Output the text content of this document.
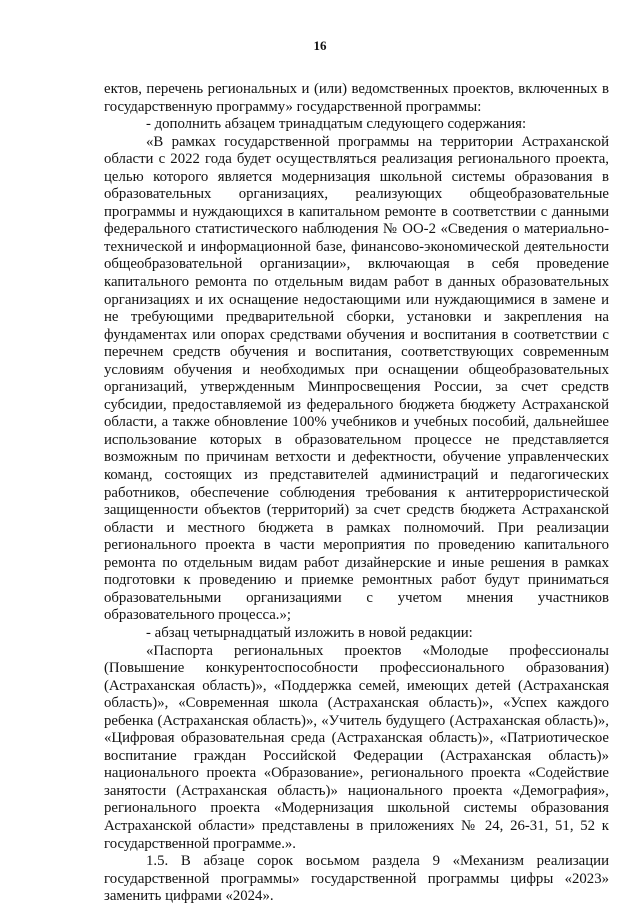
16

ектов, перечень региональных и (или) ведомственных проектов, включенных в государственную программу» государственной программы:

- дополнить абзацем тринадцатым следующего содержания:

«В рамках государственной программы на территории Астраханской области с 2022 года будет осуществляться реализация регионального проекта, целью которого является модернизация школьной системы образования в образовательных организациях, реализующих общеобразовательные программы и нуждающихся в капитальном ремонте в соответствии с данными федерального статистического наблюдения № ОО-2 «Сведения о материально-технической и информационной базе, финансово-экономической деятельности общеобразовательной организации», включающая в себя проведение капитального ремонта по отдельным видам работ в данных образовательных организациях и их оснащение недостающими или нуждающимися в замене и не требующими предварительной сборки, установки и закрепления на фундаментах или опорах средствами обучения и воспитания в соответствии с перечнем средств обучения и воспитания, соответствующих современным условиям обучения и необходимых при оснащении общеобразовательных организаций, утвержденным Минпросвещения России, за счет средств субсидии, предоставляемой из федерального бюджета бюджету Астраханской области, а также обновление 100% учебников и учебных пособий, дальнейшее использование которых в образовательном процессе не представляется возможным по причинам ветхости и дефектности, обучение управленческих команд, состоящих из представителей администраций и педагогических работников, обеспечение соблюдения требования к антитеррористической защищенности объектов (территорий) за счет средств бюджета Астраханской области и местного бюджета в рамках полномочий. При реализации регионального проекта в части мероприятия по проведению капитального ремонта по отдельным видам работ дизайнерские и иные решения в рамках подготовки к проведению и приемке ремонтных работ будут приниматься образовательными организациями с учетом мнения участников образовательного процесса.»;

- абзац четырнадцатый изложить в новой редакции:

«Паспорта региональных проектов «Молодые профессионалы (Повышение конкурентоспособности профессионального образования) (Астраханская область)», «Поддержка семей, имеющих детей (Астраханская область)», «Современная школа (Астраханская область)», «Успех каждого ребенка (Астраханская область)», «Учитель будущего (Астраханская область)», «Цифровая образовательная среда (Астраханская область)», «Патриотическое воспитание граждан Российской Федерации (Астраханская область)» национального проекта «Образование», регионального проекта «Содействие занятости (Астраханская область)» национального проекта «Демография», регионального проекта «Модернизация школьной системы образования Астраханской области» представлены в приложениях № 24, 26-31, 51, 52 к государственной программе.».

1.5. В абзаце сорок восьмом раздела 9 «Механизм реализации государственной программы» государственной программы цифры «2023» заменить цифрами «2024».
